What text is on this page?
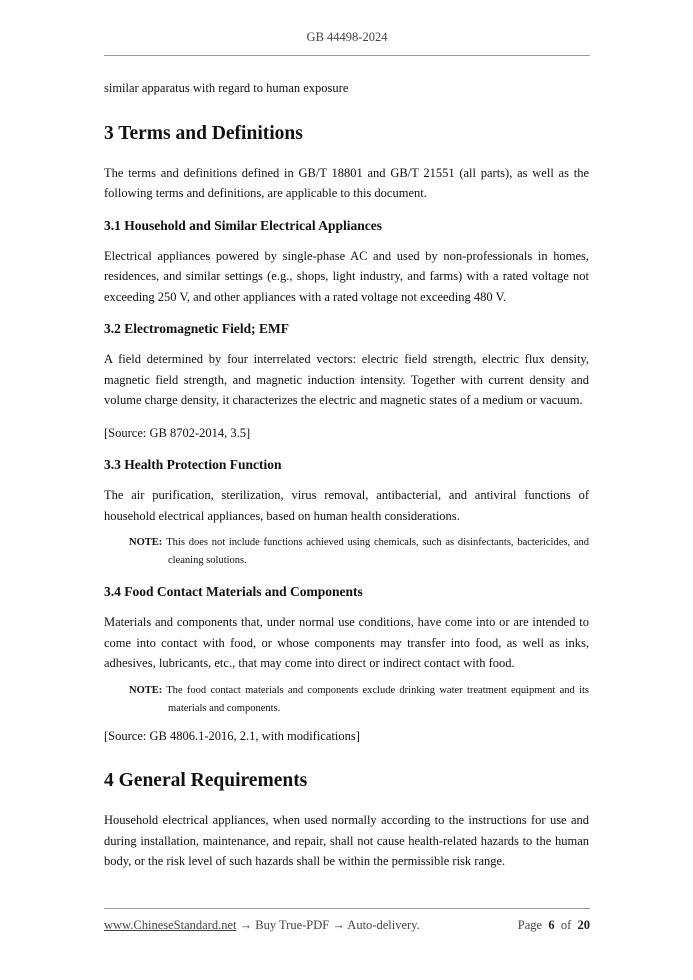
GB 44498-2024

similar apparatus with regard to human exposure

3 Terms and Definitions

The terms and definitions defined in GB/T 18801 and GB/T 21551 (all parts), as well as the following terms and definitions, are applicable to this document.

3.1 Household and Similar Electrical Appliances

Electrical appliances powered by single-phase AC and used by non-professionals in homes, residences, and similar settings (e.g., shops, light industry, and farms) with a rated voltage not exceeding 250 V, and other appliances with a rated voltage not exceeding 480 V.

3.2 Electromagnetic Field; EMF

A field determined by four interrelated vectors: electric field strength, electric flux density, magnetic field strength, and magnetic induction intensity. Together with current density and volume charge density, it characterizes the electric and magnetic states of a medium or vacuum.

[Source: GB 8702-2014, 3.5]

3.3 Health Protection Function

The air purification, sterilization, virus removal, antibacterial, and antiviral functions of household electrical appliances, based on human health considerations.

NOTE: This does not include functions achieved using chemicals, such as disinfectants, bactericides, and cleaning solutions.
3.4 Food Contact Materials and Components

Materials and components that, under normal use conditions, have come into or are intended to come into contact with food, or whose components may transfer into food, as well as inks, adhesives, lubricants, etc., that may come into direct or indirect contact with food.

NOTE: The food contact materials and components exclude drinking water treatment equipment and its materials and components.

[Source: GB 4806.1-2016, 2.1, with modifications]

4 General Requirements

Household electrical appliances, when used normally according to the instructions for use and during installation, maintenance, and repair, shall not cause health-related hazards to the human body, or the risk level of such hazards shall be within the permissible risk range.

www.ChineseStandard.net → Buy True-PDF → Auto-delivery.	Page 6 of 20
